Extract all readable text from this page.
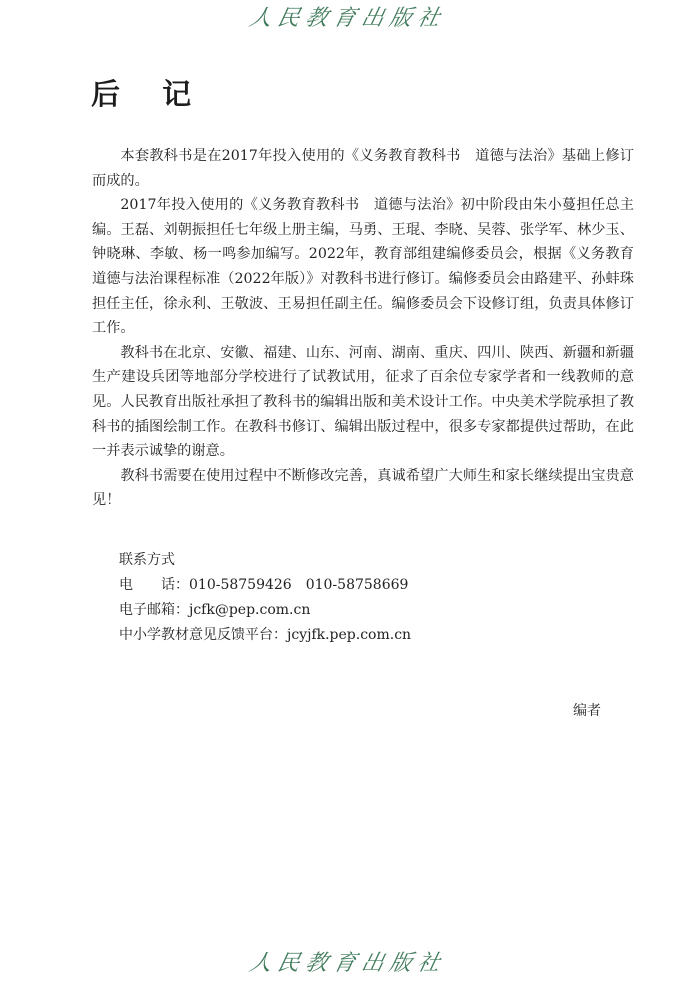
人民教育出版社
后 记

本套教科书是在2017年投入使用的《义务教育教科书　道德与法治》基础上修订而成的。

2017年投入使用的《义务教育教科书　道德与法治》初中阶段由朱小蔓担任总主编。王磊、刘朝振担任七年级上册主编，马勇、王琨、李晓、吴蓉、张学军、林少玉、钟晓琳、李敏、杨一鸣参加编写。2022年，教育部组建编修委员会，根据《义务教育道德与法治课程标准（2022年版）》对教科书进行修订。编修委员会由路建平、孙蚌珠担任主任，徐永利、王敬波、王易担任副主任。编修委员会下设修订组，负责具体修订工作。

教科书在北京、安徽、福建、山东、河南、湖南、重庆、四川、陕西、新疆和新疆生产建设兵团等地部分学校进行了试教试用，征求了百余位专家学者和一线教师的意见。人民教育出版社承担了教科书的编辑出版和美术设计工作。中央美术学院承担了教科书的插图绘制工作。在教科书修订、编辑出版过程中，很多专家都提供过帮助，在此一并表示诚挚的谢意。

教科书需要在使用过程中不断修改完善，真诚希望广大师生和家长继续提出宝贵意见！

联系方式
电　　话：010-58759426　010-58758669
电子邮箱：jcfk@pep.com.cn
中小学教材意见反馈平台：jcyjfk.pep.com.cn
编者
人民教育出版社
